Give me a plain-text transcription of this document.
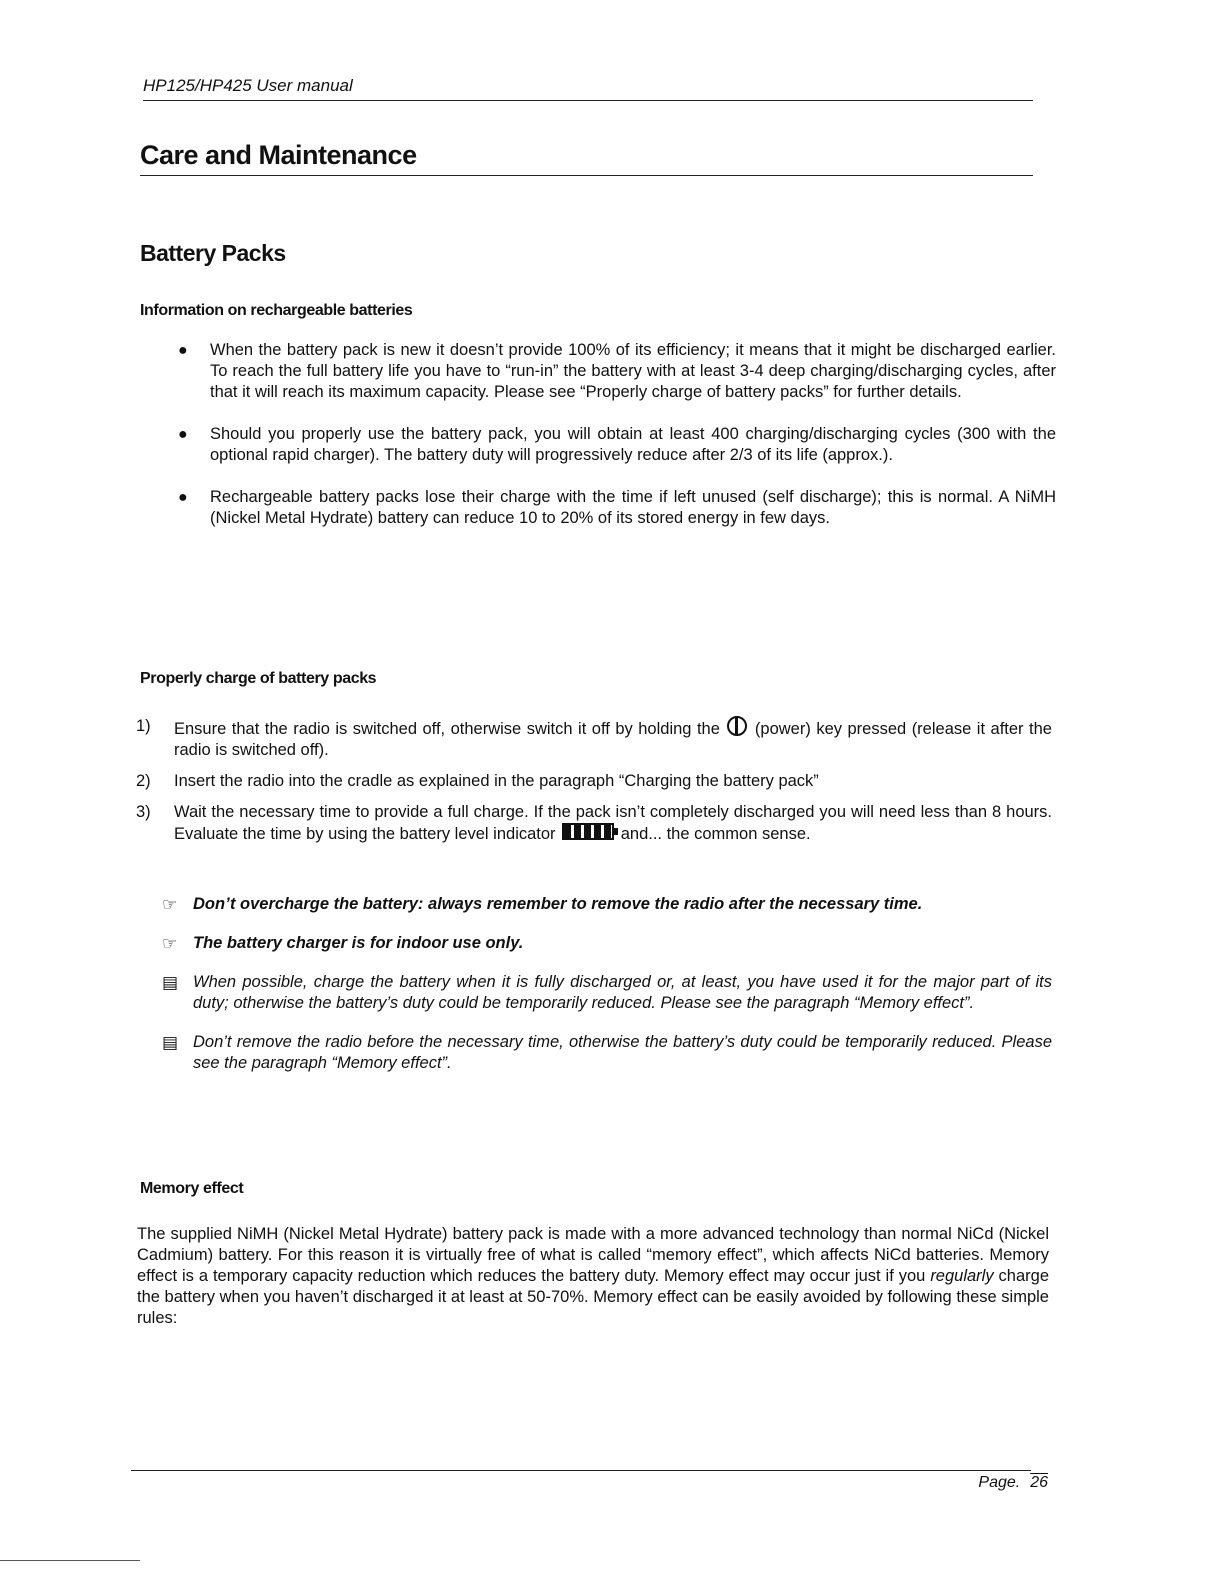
HP125/HP425 User manual
Care and Maintenance
Battery Packs
Information on rechargeable batteries
● When the battery pack is new it doesn’t provide 100% of its efficiency; it means that it might be discharged earlier. To reach the full battery life you have to “run-in” the battery with at least 3-4 deep charging/discharging cycles, after that it will reach its maximum capacity. Please see “Properly charge of battery packs” for further details.
● Should you properly use the battery pack, you will obtain at least 400 charging/discharging cycles (300 with the optional rapid charger). The battery duty will progressively reduce after 2/3 of its life (approx.).
● Rechargeable battery packs lose their charge with the time if left unused (self discharge); this is normal. A NiMH (Nickel Metal Hydrate) battery can reduce 10 to 20% of its stored energy in few days.
Properly charge of battery packs
1) Ensure that the radio is switched off, otherwise switch it off by holding the (power) key pressed (release it after the radio is switched off).
2) Insert the radio into the cradle as explained in the paragraph “Charging the battery pack”
3) Wait the necessary time to provide a full charge. If the pack isn’t completely discharged you will need less than 8 hours. Evaluate the time by using the battery level indicator	and... the common sense.
☞ Don’t overcharge the battery: always remember to remove the radio after the necessary time.
☞ The battery charger is for indoor use only.
▤ When possible, charge the battery when it is fully discharged or, at least, you have used it for the major part of its duty; otherwise the battery’s duty could be temporarily reduced. Please see the paragraph “Memory effect”.
▤ Don’t remove the radio before the necessary time, otherwise the battery’s duty could be temporarily reduced. Please see the paragraph “Memory effect”.
Memory effect
The supplied NiMH (Nickel Metal Hydrate) battery pack is made with a more advanced technology than normal NiCd (Nickel Cadmium) battery. For this reason it is virtually free of what is called “memory effect”, which affects NiCd batteries. Memory effect is a temporary capacity reduction which reduces the battery duty. Memory effect may occur just if you regularly charge the battery when you haven’t discharged it at least at 50-70%. Memory effect can be easily avoided by following these simple rules:
Page. 26
